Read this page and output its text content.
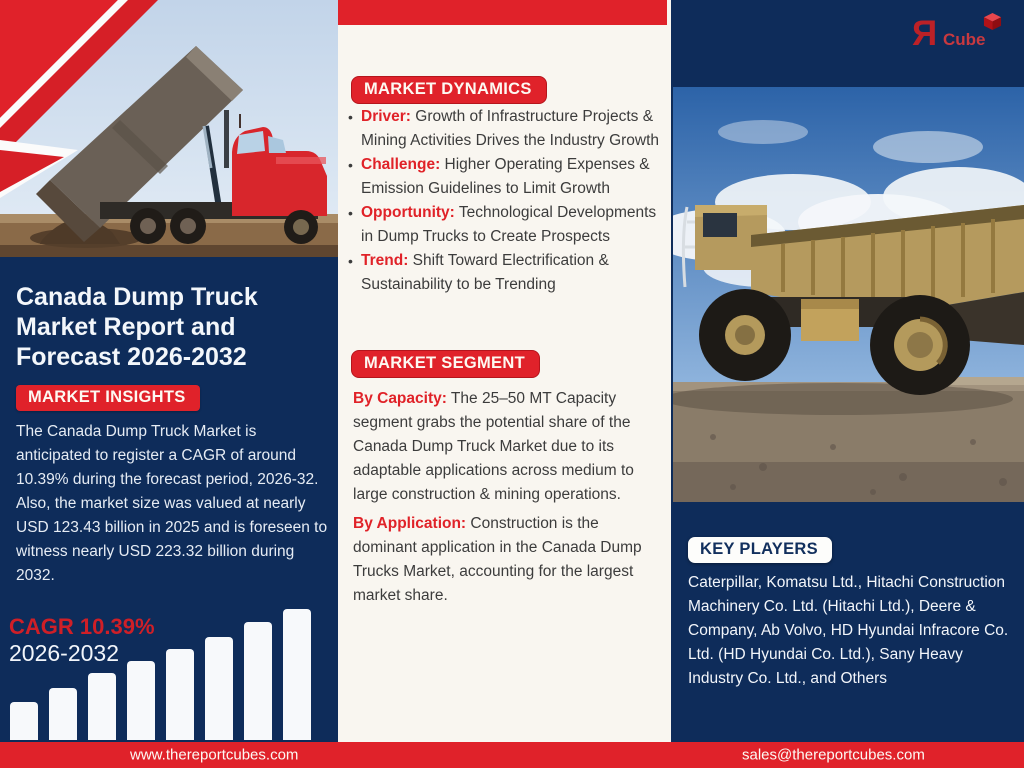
Canada Dump Truck Market Report and Forecast 2026-2032
MARKET INSIGHTS

The Canada Dump Truck Market is anticipated to register a CAGR of around 10.39% during the forecast period, 2026-32. Also, the market size was valued at nearly USD 123.43 billion in 2025 and is foreseen to witness nearly USD 223.32 billion during 2032.

CAGR 10.39%
2026-2032
MARKET DYNAMICS
• Driver: Growth of Infrastructure Projects & Mining Activities Drives the Industry Growth
• Challenge: Higher Operating Expenses & Emission Guidelines to Limit Growth
• Opportunity: Technological Developments in Dump Trucks to Create Prospects
• Trend: Shift Toward Electrification & Sustainability to be Trending
MARKET SEGMENT

By Capacity: The 25–50 MT Capacity segment grabs the potential share of the Canada Dump Truck Market due to its adaptable applications across medium to large construction & mining operations.

By Application: Construction is the dominant application in the Canada Dump Trucks Market, accounting for the largest market share.

Я Cube
KEY PLAYERS

Caterpillar, Komatsu Ltd., Hitachi Construction Machinery Co. Ltd. (Hitachi Ltd.), Deere & Company, Ab Volvo, HD Hyundai Infracore Co. Ltd. (HD Hyundai Co. Ltd.), Sany Heavy Industry Co. Ltd., and Others

www.thereportcubes.com	sales@thereportcubes.com
